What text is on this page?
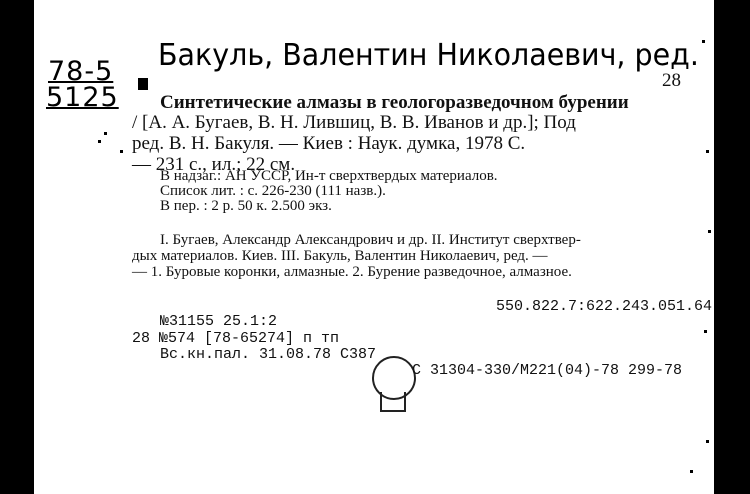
78-5
5125
Бакуль, Валентин Николаевич, ред.
28
Синтетические алмазы в геологоразведочном бурении
/ [А. А. Бугаев, В. Н. Лившиц, В. В. Иванов и др.]; Под
ред. В. Н. Бакуля. — Киев : Наук. думка, 1978 С.
— 231 с., ил.; 22 см.
В надзаг.: АН УССР, Ин-т сверхтвердых материалов.
Список лит. : с. 226-230 (111 назв.).
В пер. : 2 р. 50 к. 2.500 экз.
I. Бугаев, Александр Александрович и др. II. Институт сверхтвер-
дых материалов. Киев. III. Бакуль, Валентин Николаевич, ред. —
— 1. Буровые коронки, алмазные. 2. Бурение разведочное, алмазное.
550.822.7:622.243.051.64
№31155 25.1:2
28 №574 [78-65274] п тп
Вс.кн.пал. 31.08.78 С387
С 31304-330/М221(04)-78 299-78
